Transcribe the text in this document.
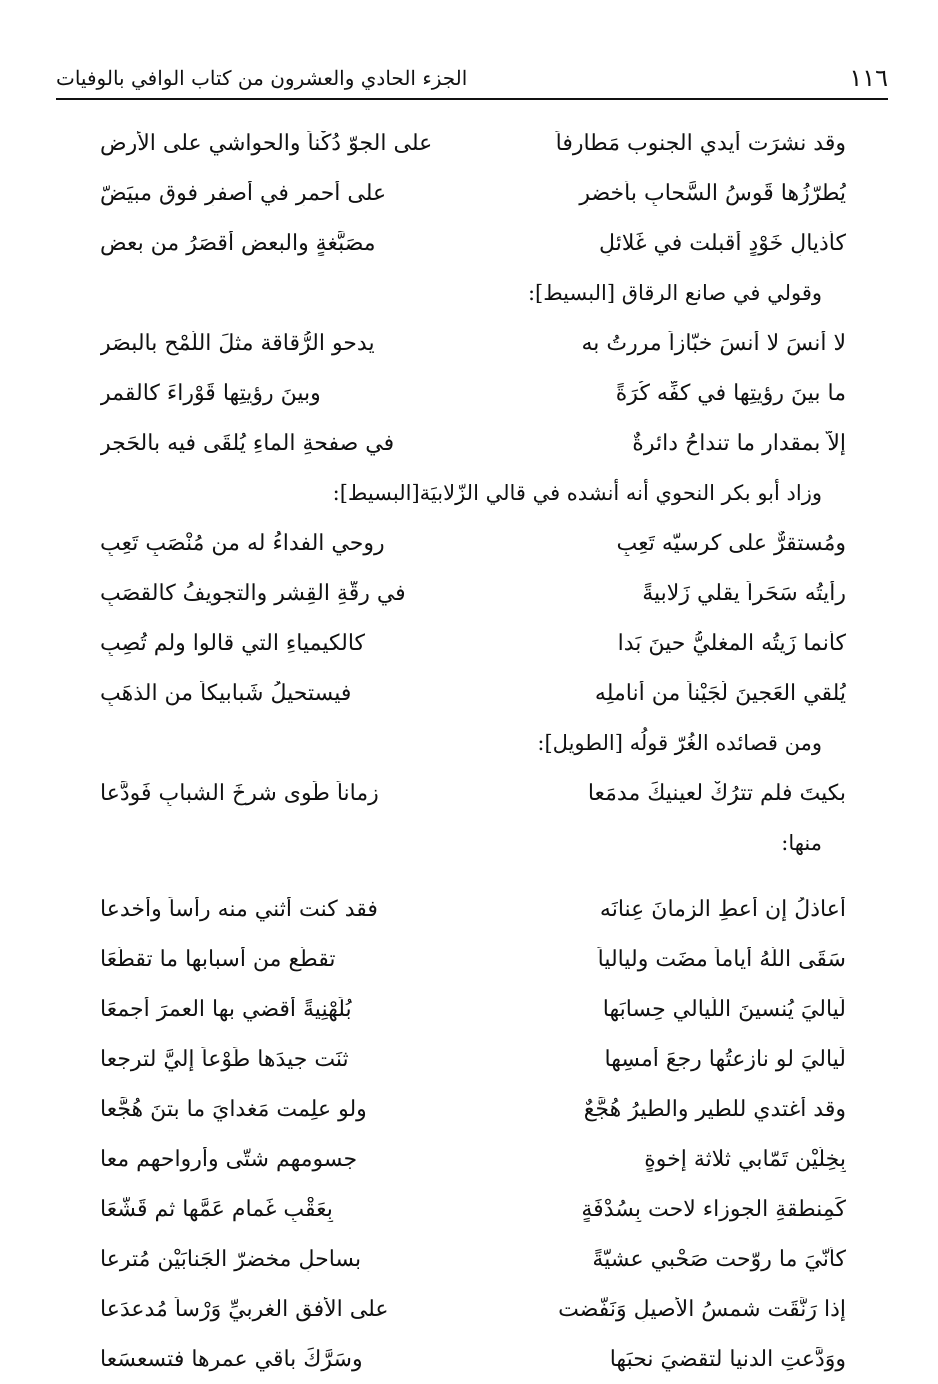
١١٦
الجزء الحادي والعشرون من كتاب الوافي بالوفيات
وقد نشرَت أيدي الجنوب مَطارفاً
على الجوّ دُكْناً والحواشي على الأرض
يُطرّزُها قَوسُ السَّحابِ بأخضرٍ
على أحمرٍ في أصفرٍ فوق مبيَضّ
كأذيالِ خَوْدٍ أقبلت في غَلائلٍ
مصَبَّغةٍ والبعض أقصَرُ من بعض
وقولي في صانع الرقاق [البسيط]:
لا أنسَ لا أنسَ خبّازاً مررتُ به
يدحو الرُّقاقة مثلَ اللَّمْح بالبصَرِ
ما بينَ رؤيتِها في كفِّه كُرَةً
وبينَ رؤيتِها قَوْراءَ كالقمرِ
إلاّ بمقدارِ ما تنداحُ دائرةٌ
في صفحةِ الماءِ يُلقَى فيه بالحَجرِ
وزاد أبو بكر النحوي أنه أنشده في قالي الزّلابيَة[البسيط]:
ومُستقرٌّ على كرسيّه تَعِبٍ
روحي الفداءُ له من مُنْصَبٍ تَعِبِ
رأيتُه سَحَراً يقلي زَلابيةً
في رِقّةِ القِشرِ والتجويفُ كالقصَبِ
كأنما زَيتُه المغليُّ حينَ بَدا
كالكيمياءِ التي قالوا ولم تُصِبِ
يُلقي العَجينَ لُجَيْناً من أناملِه
فيستحيلُ شَبابيكاً من الذهَبِ
ومن قصائده الغُرّ قولُه [الطويل]:
بكيتَ فلم تترُكْ لعينيكَ مدمَعا
زماناً طَوى شرخَ الشبابِ فَودَّعا
منها:
أعاذلُ إن أعطِ الزمانَ عِنانَه
فقد كنت أثني منه رأساً وأخدعا
سَقَى اللّهُ أياماً مضَت وليالياً
تقطَّع من أسبابها ما تقطّعَا
لَياليَ يُنسينَ اللّيالي حِسابَها
بُلَهْنِيةً أقضي بها العمرَ أجمعَا
لَياليَ لو نازعتُها رجعَ أمسِها
ثنَت جيدَها طَوْعاً إليَّ لترجعا
وقد أغتدي للطيرِ والطيرُ هُجَّعٌ
ولو علِمت مَغدايَ ما بتنَ هُجَّعا
بِخِلَّيْنِ تَمّابي ثلاثة إخوةٍ
جسومهم شتّى وأرواحهم معا
كَمِنطقةِ الجوزاء لاحت بِسُدْفَةٍ
بِعَقْبِ غَمامٍ عَمَّها ثم قَشَّعَا
كأنّيَ ما روّحت صَحْبي عشيّةً
بساحلِ مخضرّ الجَنابَيْنِ مُترعا
إذا رَنَّقَت شمسُ الأصيلِ وَنَفَّضت
على الأُفقِ الغربيِّ وَرْساً مُدعدَعا
ووَدَّعتِ الدنيا لتقضيَ نحبَها
وسَرَّكَ باقي عمرِها فتسعسَعا
